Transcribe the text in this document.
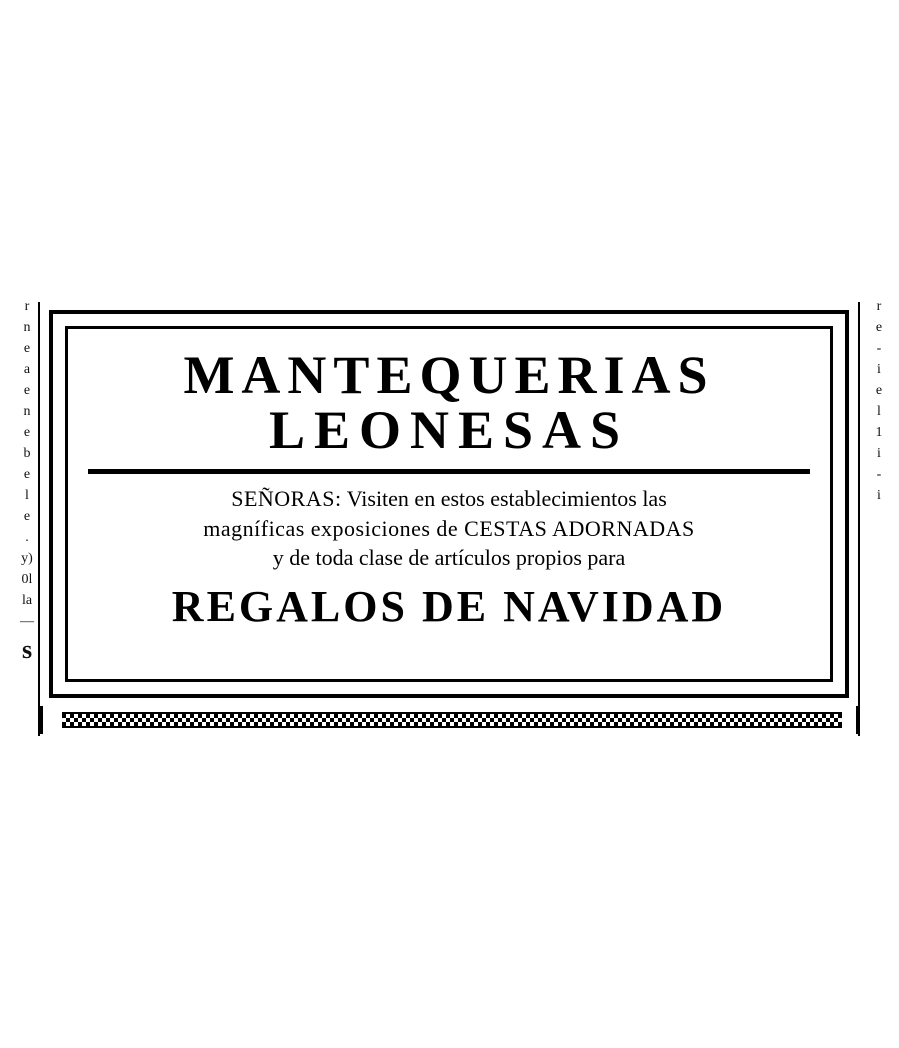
r
n
e
a
e
n
e
b
e
l
e
.
y)
0l
la
—
s
r
e
-
i
e
l
1
i
-
i
MANTEQUERIAS
LEONESAS
SEÑORAS: Visiten en estos establecimientos las
magníficas exposiciones de CESTAS ADORNADAS
y de toda clase de artículos propios para
REGALOS DE NAVIDAD
